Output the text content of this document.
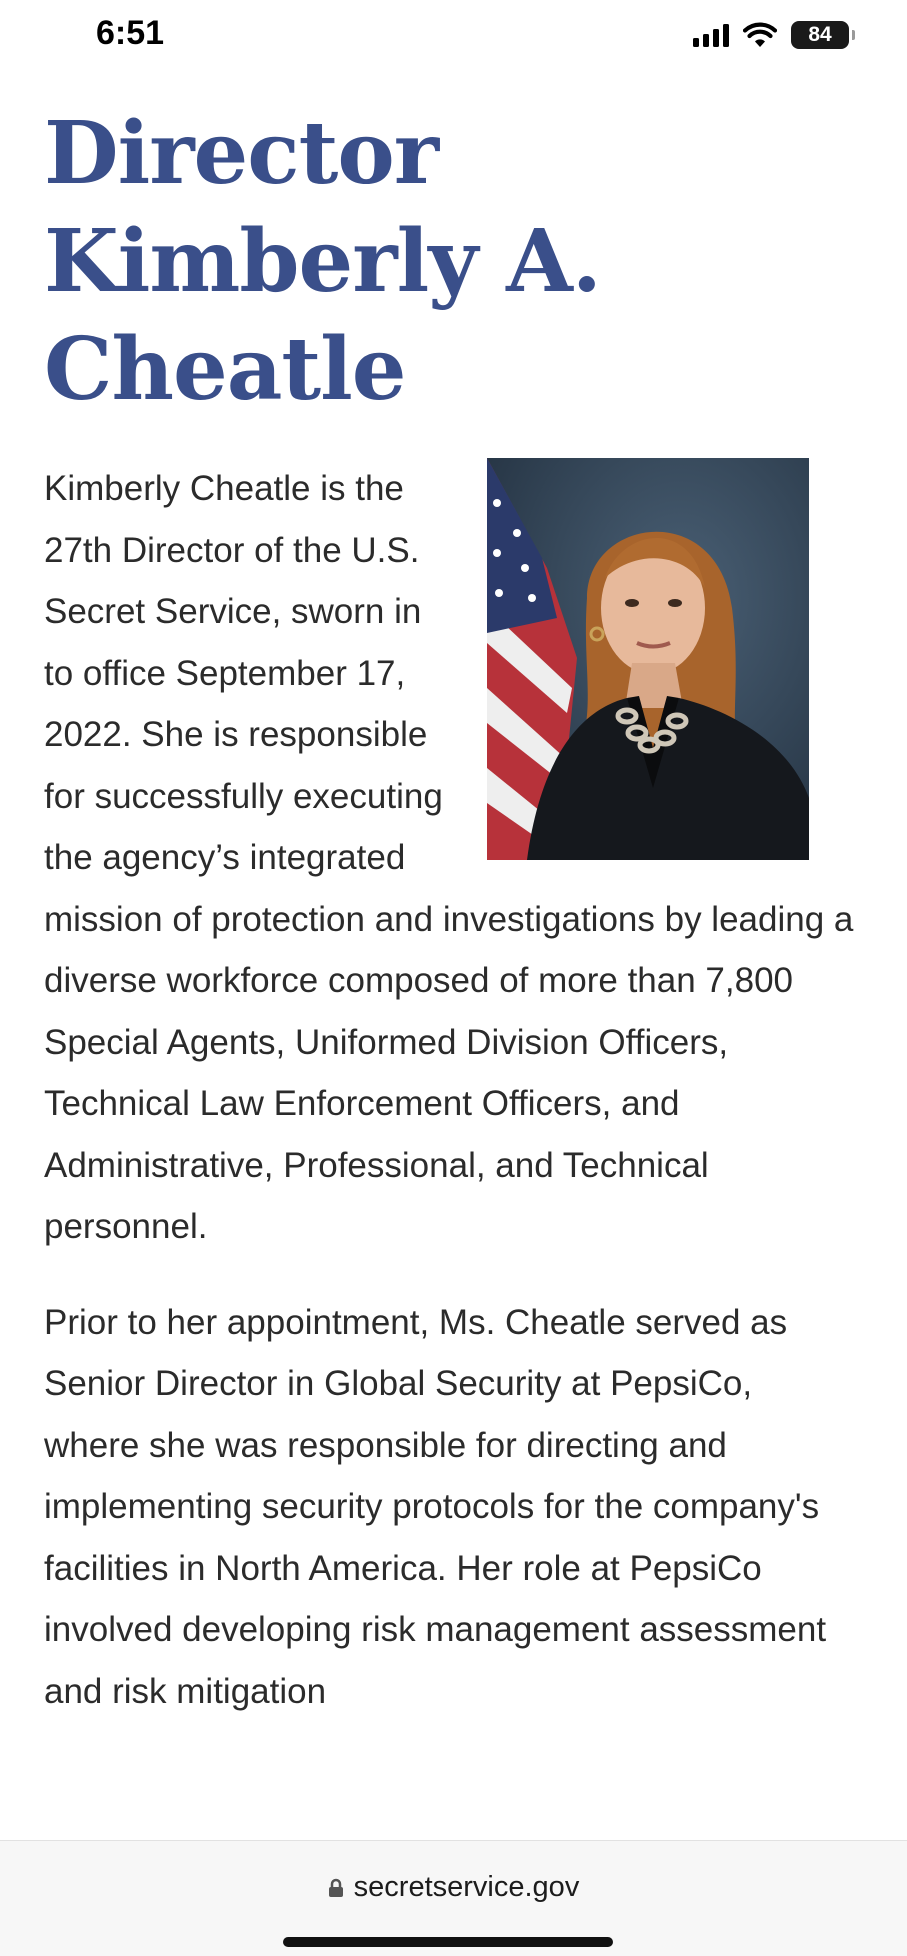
6:51	84
Director
Kimberly A.
Cheatle

Kimberly Cheatle is the 27th Director of the U.S. Secret Service, sworn in to office September 17, 2022. She is responsible for successfully executing the agency’s integrated mission of protection and investigations by leading a diverse workforce composed of more than 7,800 Special Agents, Uniformed Division Officers, Technical Law Enforcement Officers, and Administrative, Professional, and Technical personnel.

Prior to her appointment, Ms. Cheatle served as Senior Director in Global Security at PepsiCo, where she was responsible for directing and implementing security protocols for the company's facilities in North America. Her role at PepsiCo involved developing risk management assessment and risk mitigation

secretservice.gov
